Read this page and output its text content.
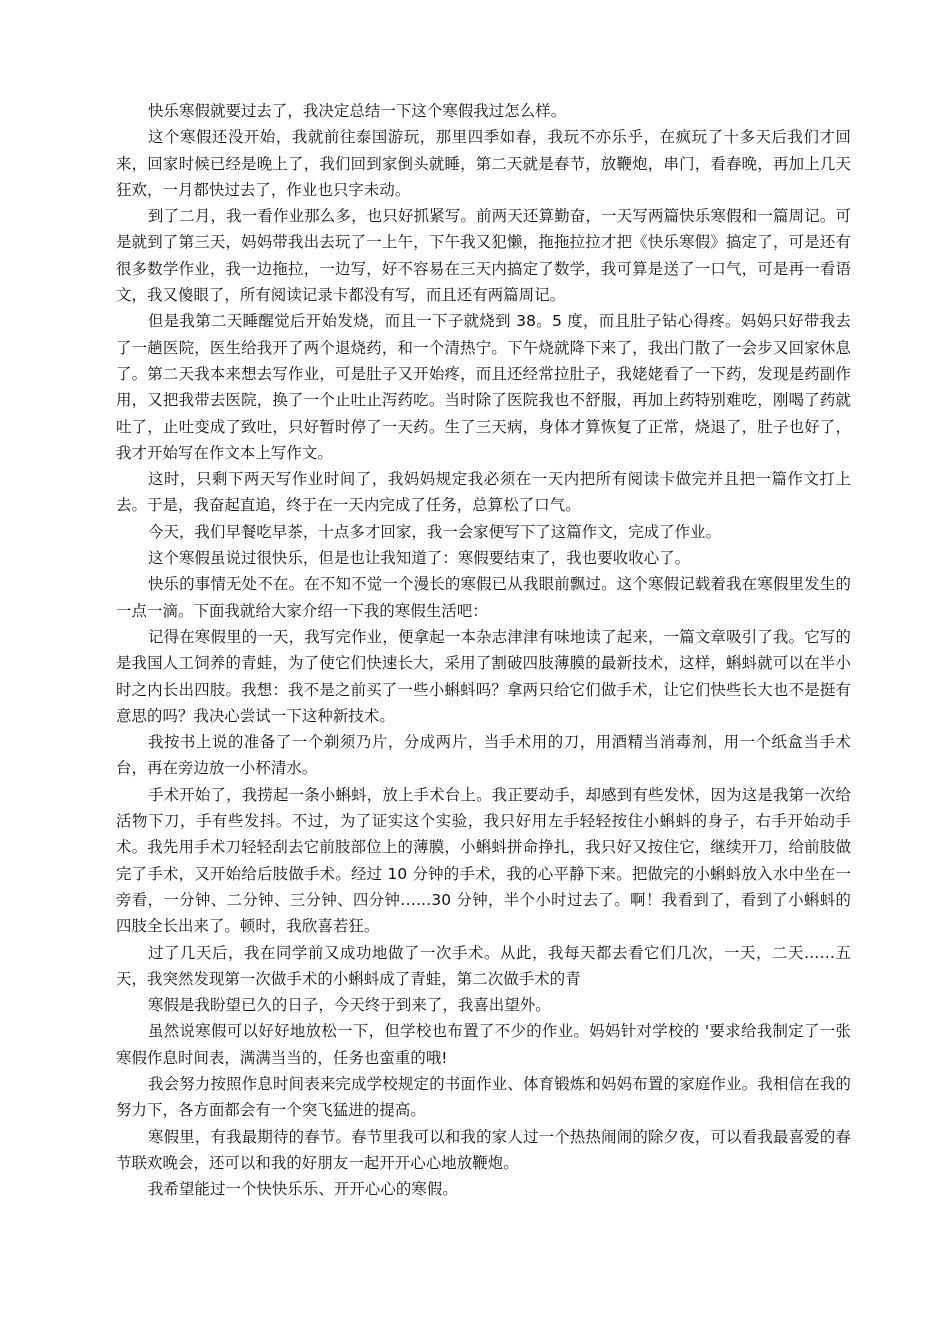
快乐寒假就要过去了，我决定总结一下这个寒假我过怎么样。

这个寒假还没开始，我就前往泰国游玩，那里四季如春，我玩不亦乐乎，在疯玩了十多天后我们才回来，回家时候已经是晚上了，我们回到家倒头就睡，第二天就是春节，放鞭炮，串门，看春晚，再加上几天狂欢，一月都快过去了，作业也只字未动。

到了二月，我一看作业那么多，也只好抓紧写。前两天还算勤奋，一天写两篇快乐寒假和一篇周记。可是就到了第三天，妈妈带我出去玩了一上午，下午我又犯懒，拖拖拉拉才把《快乐寒假》搞定了，可是还有很多数学作业，我一边拖拉，一边写，好不容易在三天内搞定了数学，我可算是送了一口气，可是再一看语文，我又傻眼了，所有阅读记录卡都没有写，而且还有两篇周记。

但是我第二天睡醒觉后开始发烧，而且一下子就烧到 38。5 度，而且肚子钻心得疼。妈妈只好带我去了一趟医院，医生给我开了两个退烧药，和一个清热宁。下午烧就降下来了，我出门散了一会步又回家休息了。第二天我本来想去写作业，可是肚子又开始疼，而且还经常拉肚子，我姥姥看了一下药，发现是药副作用，又把我带去医院，换了一个止吐止泻药吃。当时除了医院我也不舒服，再加上药特别难吃，刚喝了药就吐了，止吐变成了致吐，只好暂时停了一天药。生了三天病，身体才算恢复了正常，烧退了，肚子也好了，我才开始写在作文本上写作文。

这时，只剩下两天写作业时间了，我妈妈规定我必须在一天内把所有阅读卡做完并且把一篇作文打上去。于是，我奋起直追，终于在一天内完成了任务，总算松了口气。

今天，我们早餐吃早茶，十点多才回家，我一会家便写下了这篇作文，完成了作业。

这个寒假虽说过很快乐，但是也让我知道了：寒假要结束了，我也要收收心了。

快乐的事情无处不在。在不知不觉一个漫长的寒假已从我眼前飘过。这个寒假记载着我在寒假里发生的一点一滴。下面我就给大家介绍一下我的寒假生活吧：

记得在寒假里的一天，我写完作业，便拿起一本杂志津津有味地读了起来，一篇文章吸引了我。它写的是我国人工饲养的青蛙，为了使它们快速长大，采用了割破四肢薄膜的最新技术，这样，蝌蚪就可以在半小时之内长出四肢。我想：我不是之前买了一些小蝌蚪吗？拿两只给它们做手术，让它们快些长大也不是挺有意思的吗？我决心尝试一下这种新技术。

我按书上说的准备了一个剃须乃片，分成两片，当手术用的刀，用酒精当消毒剂，用一个纸盒当手术台，再在旁边放一小杯清水。

手术开始了，我捞起一条小蝌蚪，放上手术台上。我正要动手，却感到有些发怵，因为这是我第一次给活物下刀，手有些发抖。不过，为了证实这个实验，我只好用左手轻轻按住小蝌蚪的身子，右手开始动手术。我先用手术刀轻轻刮去它前肢部位上的薄膜，小蝌蚪拼命挣扎，我只好又按住它，继续开刀，给前肢做完了手术，又开始给后肢做手术。经过 10 分钟的手术，我的心平静下来。把做完的小蝌蚪放入水中坐在一旁看，一分钟、二分钟、三分钟、四分钟……30 分钟，半个小时过去了。啊！我看到了，看到了小蝌蚪的四肢全长出来了。顿时，我欣喜若狂。

过了几天后，我在同学前又成功地做了一次手术。从此，我每天都去看它们几次，一天，二天……五天，我突然发现第一次做手术的小蝌蚪成了青蛙，第二次做手术的青

寒假是我盼望已久的日子，今天终于到来了，我喜出望外。

虽然说寒假可以好好地放松一下，但学校也布置了不少的作业。妈妈针对学校的 '要求给我制定了一张寒假作息时间表，满满当当的，任务也蛮重的哦!

我会努力按照作息时间表来完成学校规定的书面作业、体育锻炼和妈妈布置的家庭作业。我相信在我的努力下，各方面都会有一个突飞猛进的提高。

寒假里，有我最期待的春节。春节里我可以和我的家人过一个热热闹闹的除夕夜，可以看我最喜爱的春节联欢晚会，还可以和我的好朋友一起开开心心地放鞭炮。

我希望能过一个快快乐乐、开开心心的寒假。
